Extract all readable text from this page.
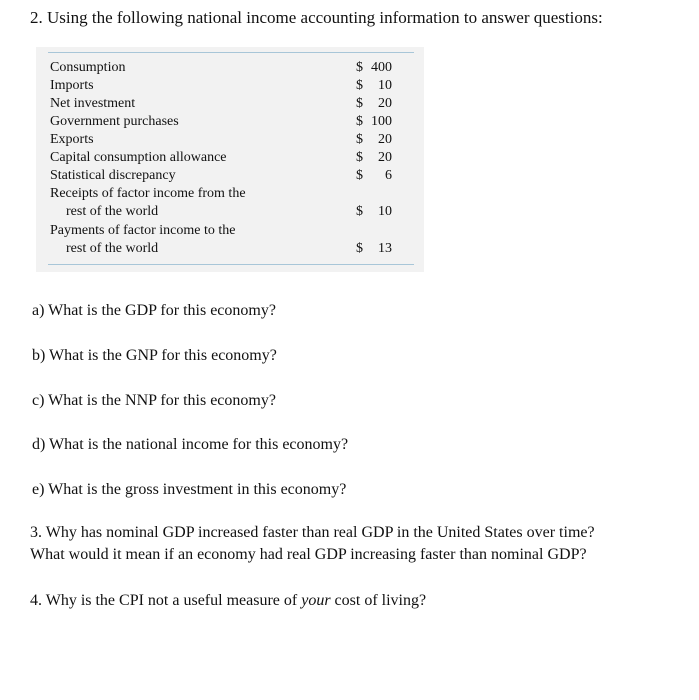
2. Using the following national income accounting information to answer questions:
Consumption	$ 400
Imports	$ 10
Net investment	$ 20
Government purchases	$ 100
Exports	$ 20
Capital consumption allowance	$ 20
Statistical discrepancy	$ 6
Receipts of factor income from the
rest of the world	$ 10
Payments of factor income to the
rest of the world	$ 13
a) What is the GDP for this economy?
b) What is the GNP for this economy?
c) What is the NNP for this economy?
d) What is the national income for this economy?
e) What is the gross investment in this economy?
3. Why has nominal GDP increased faster than real GDP in the United States over time?
What would it mean if an economy had real GDP increasing faster than nominal GDP?
4. Why is the CPI not a useful measure of your cost of living?
